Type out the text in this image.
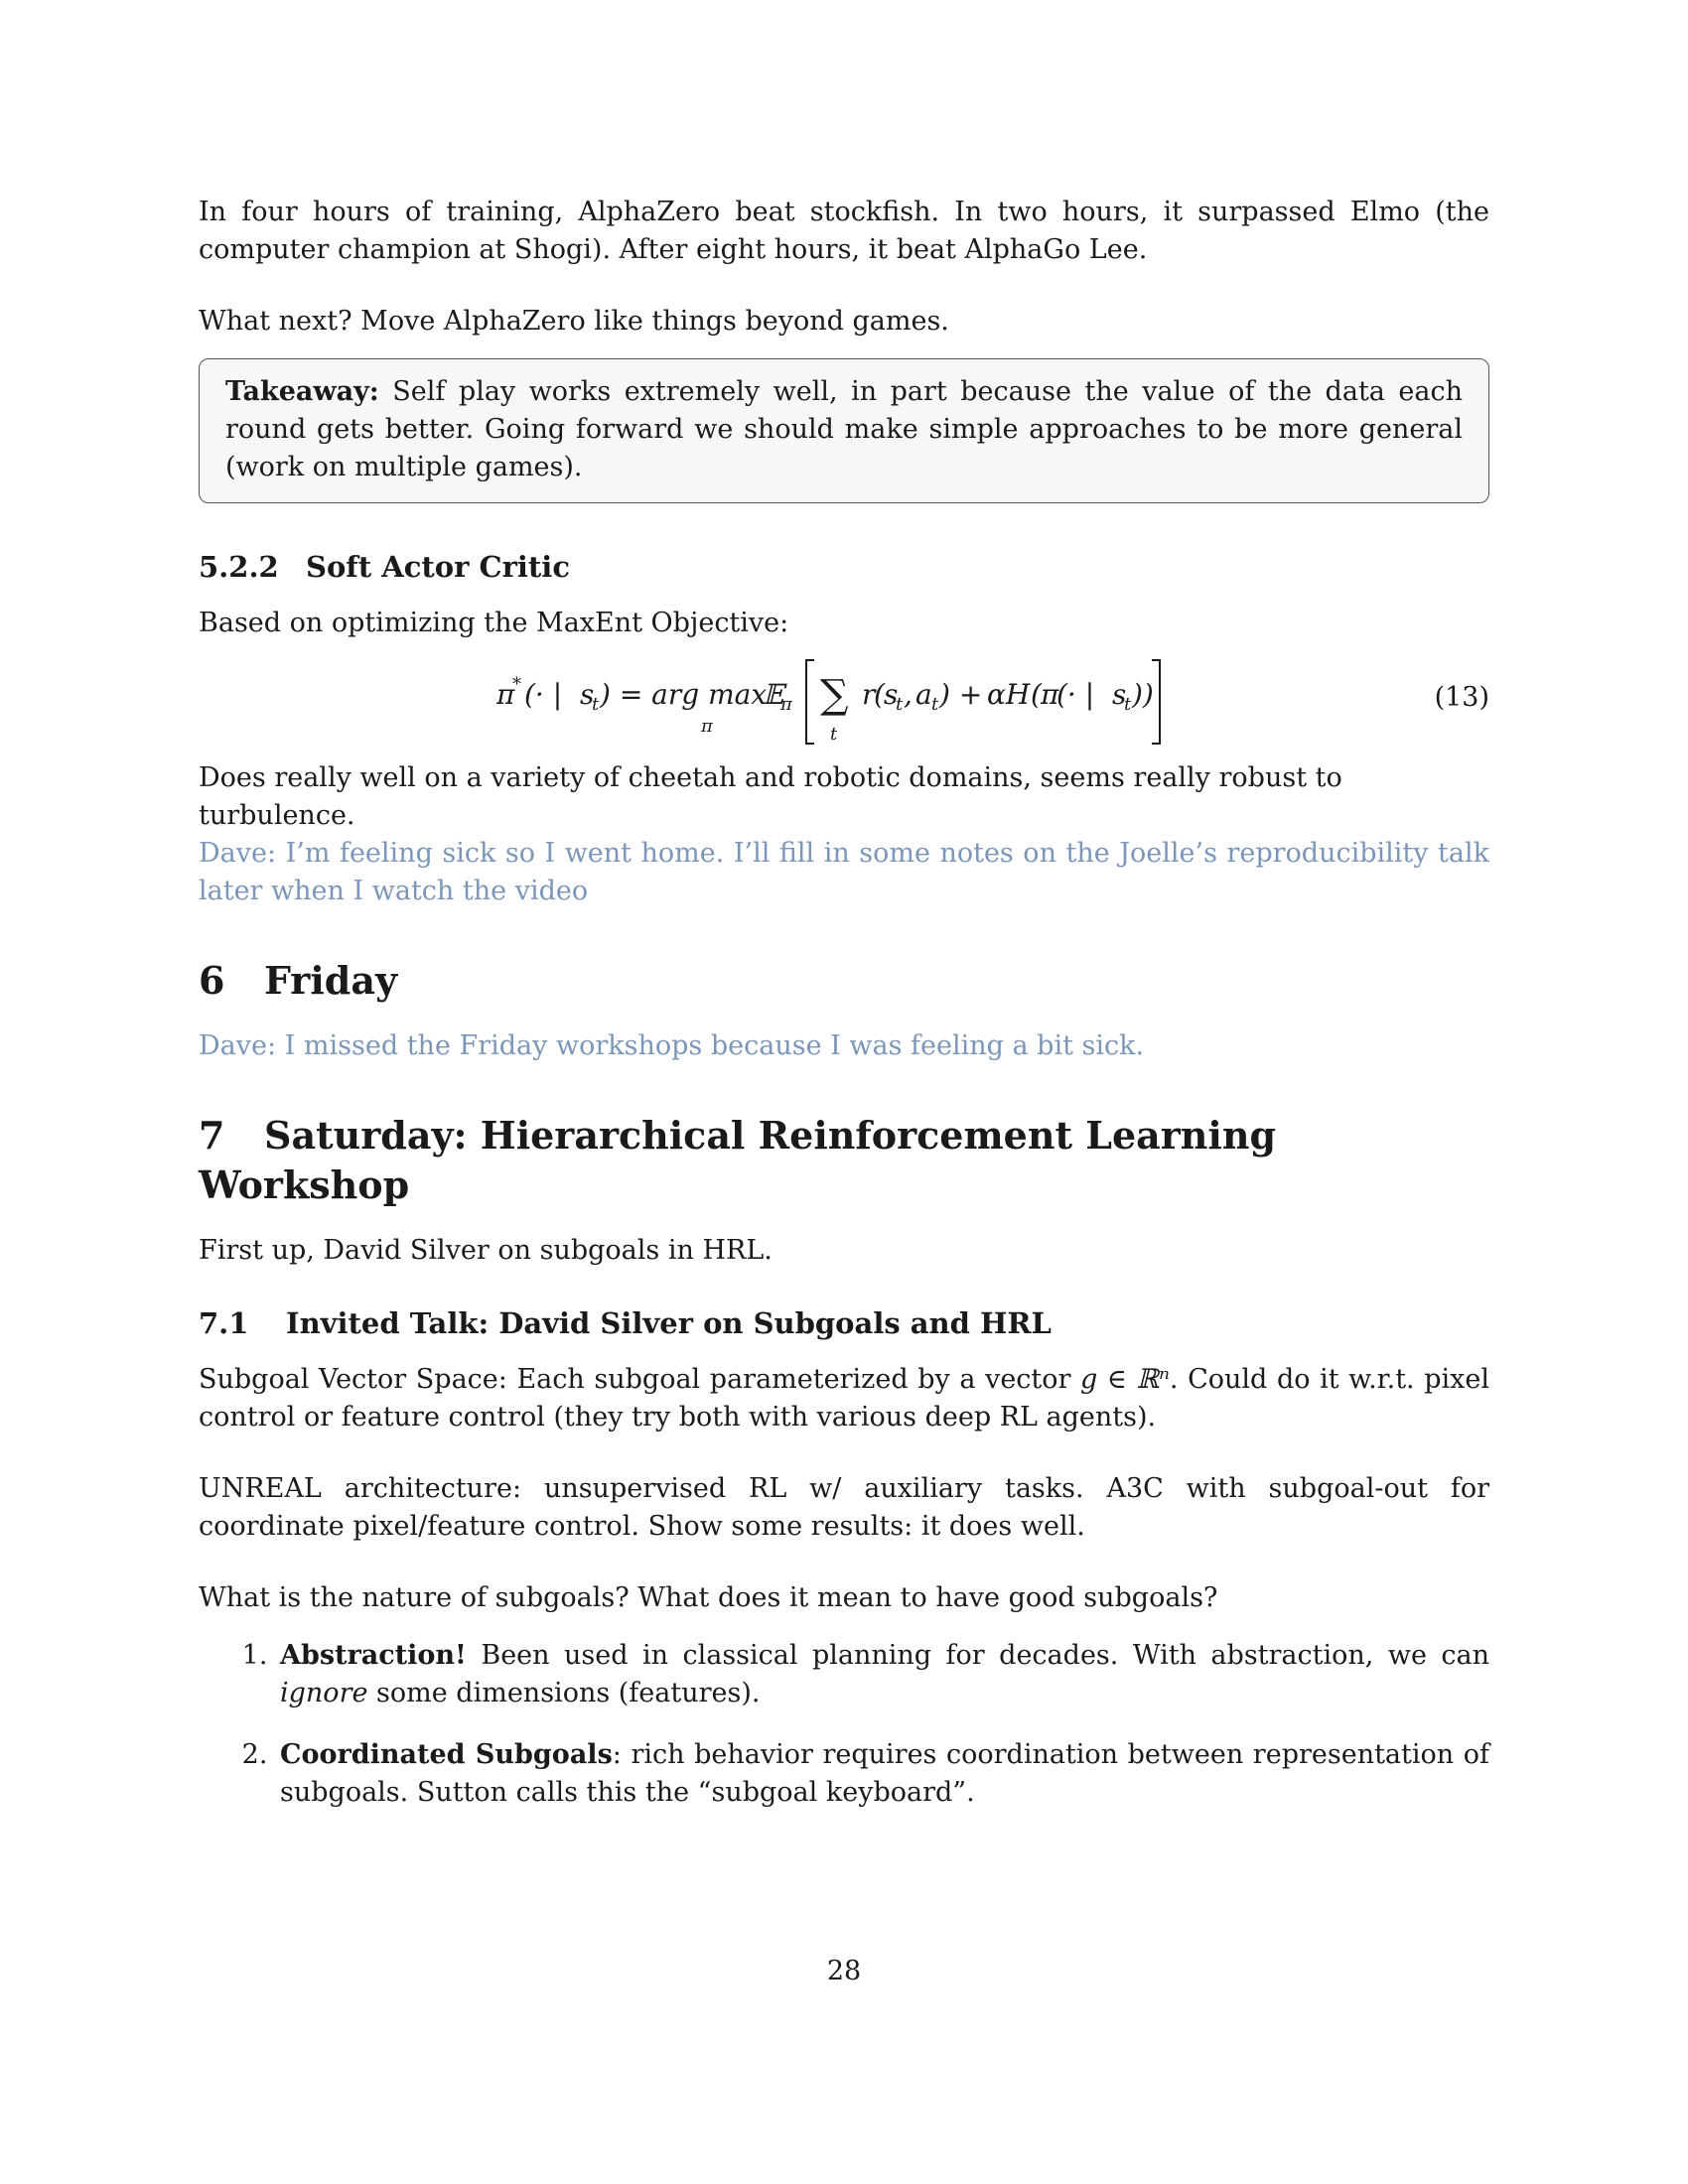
In four hours of training, AlphaZero beat stockfish. In two hours, it surpassed Elmo (the computer champion at Shogi). After eight hours, it beat AlphaGo Lee.

What next? Move AlphaZero like things beyond games.

Takeaway: Self play works extremely well, in part because the value of the data each round gets better. Going forward we should make simple approaches to be more general (work on multiple games).

5.2.2 Soft Actor Critic

Based on optimizing the MaxEnt Objective:

π
* (· | s
t ) = arg max
π
𝔼
π ∑
t
r
( s
t , a t ) + αH ( π
(· | s
t ))	(13)

Does really well on a variety of cheetah and robotic domains, seems really robust to turbulence.

Dave: I’m feeling sick so I went home. I’ll fill in some notes on the Joelle’s reproducibility talk later when I watch the video

6 Friday

Dave: I missed the Friday workshops because I was feeling a bit sick.

7 Saturday: Hierarchical Reinforcement Learning Workshop

First up, David Silver on subgoals in HRL.

7.1 Invited Talk: David Silver on Subgoals and HRL

Subgoal Vector Space: Each subgoal parameterized by a vector g ∈ ℝⁿ. Could do it w.r.t. pixel control or feature control (they try both with various deep RL agents).

UNREAL architecture: unsupervised RL w/ auxiliary tasks. A3C with subgoal-out for coordinate pixel/feature control. Show some results: it does well.

What is the nature of subgoals? What does it mean to have good subgoals?

1. Abstraction! Been used in classical planning for decades. With abstraction, we can ignore some dimensions (features).
2. Coordinated Subgoals: rich behavior requires coordination between representation of subgoals. Sutton calls this the “subgoal keyboard”.
28
